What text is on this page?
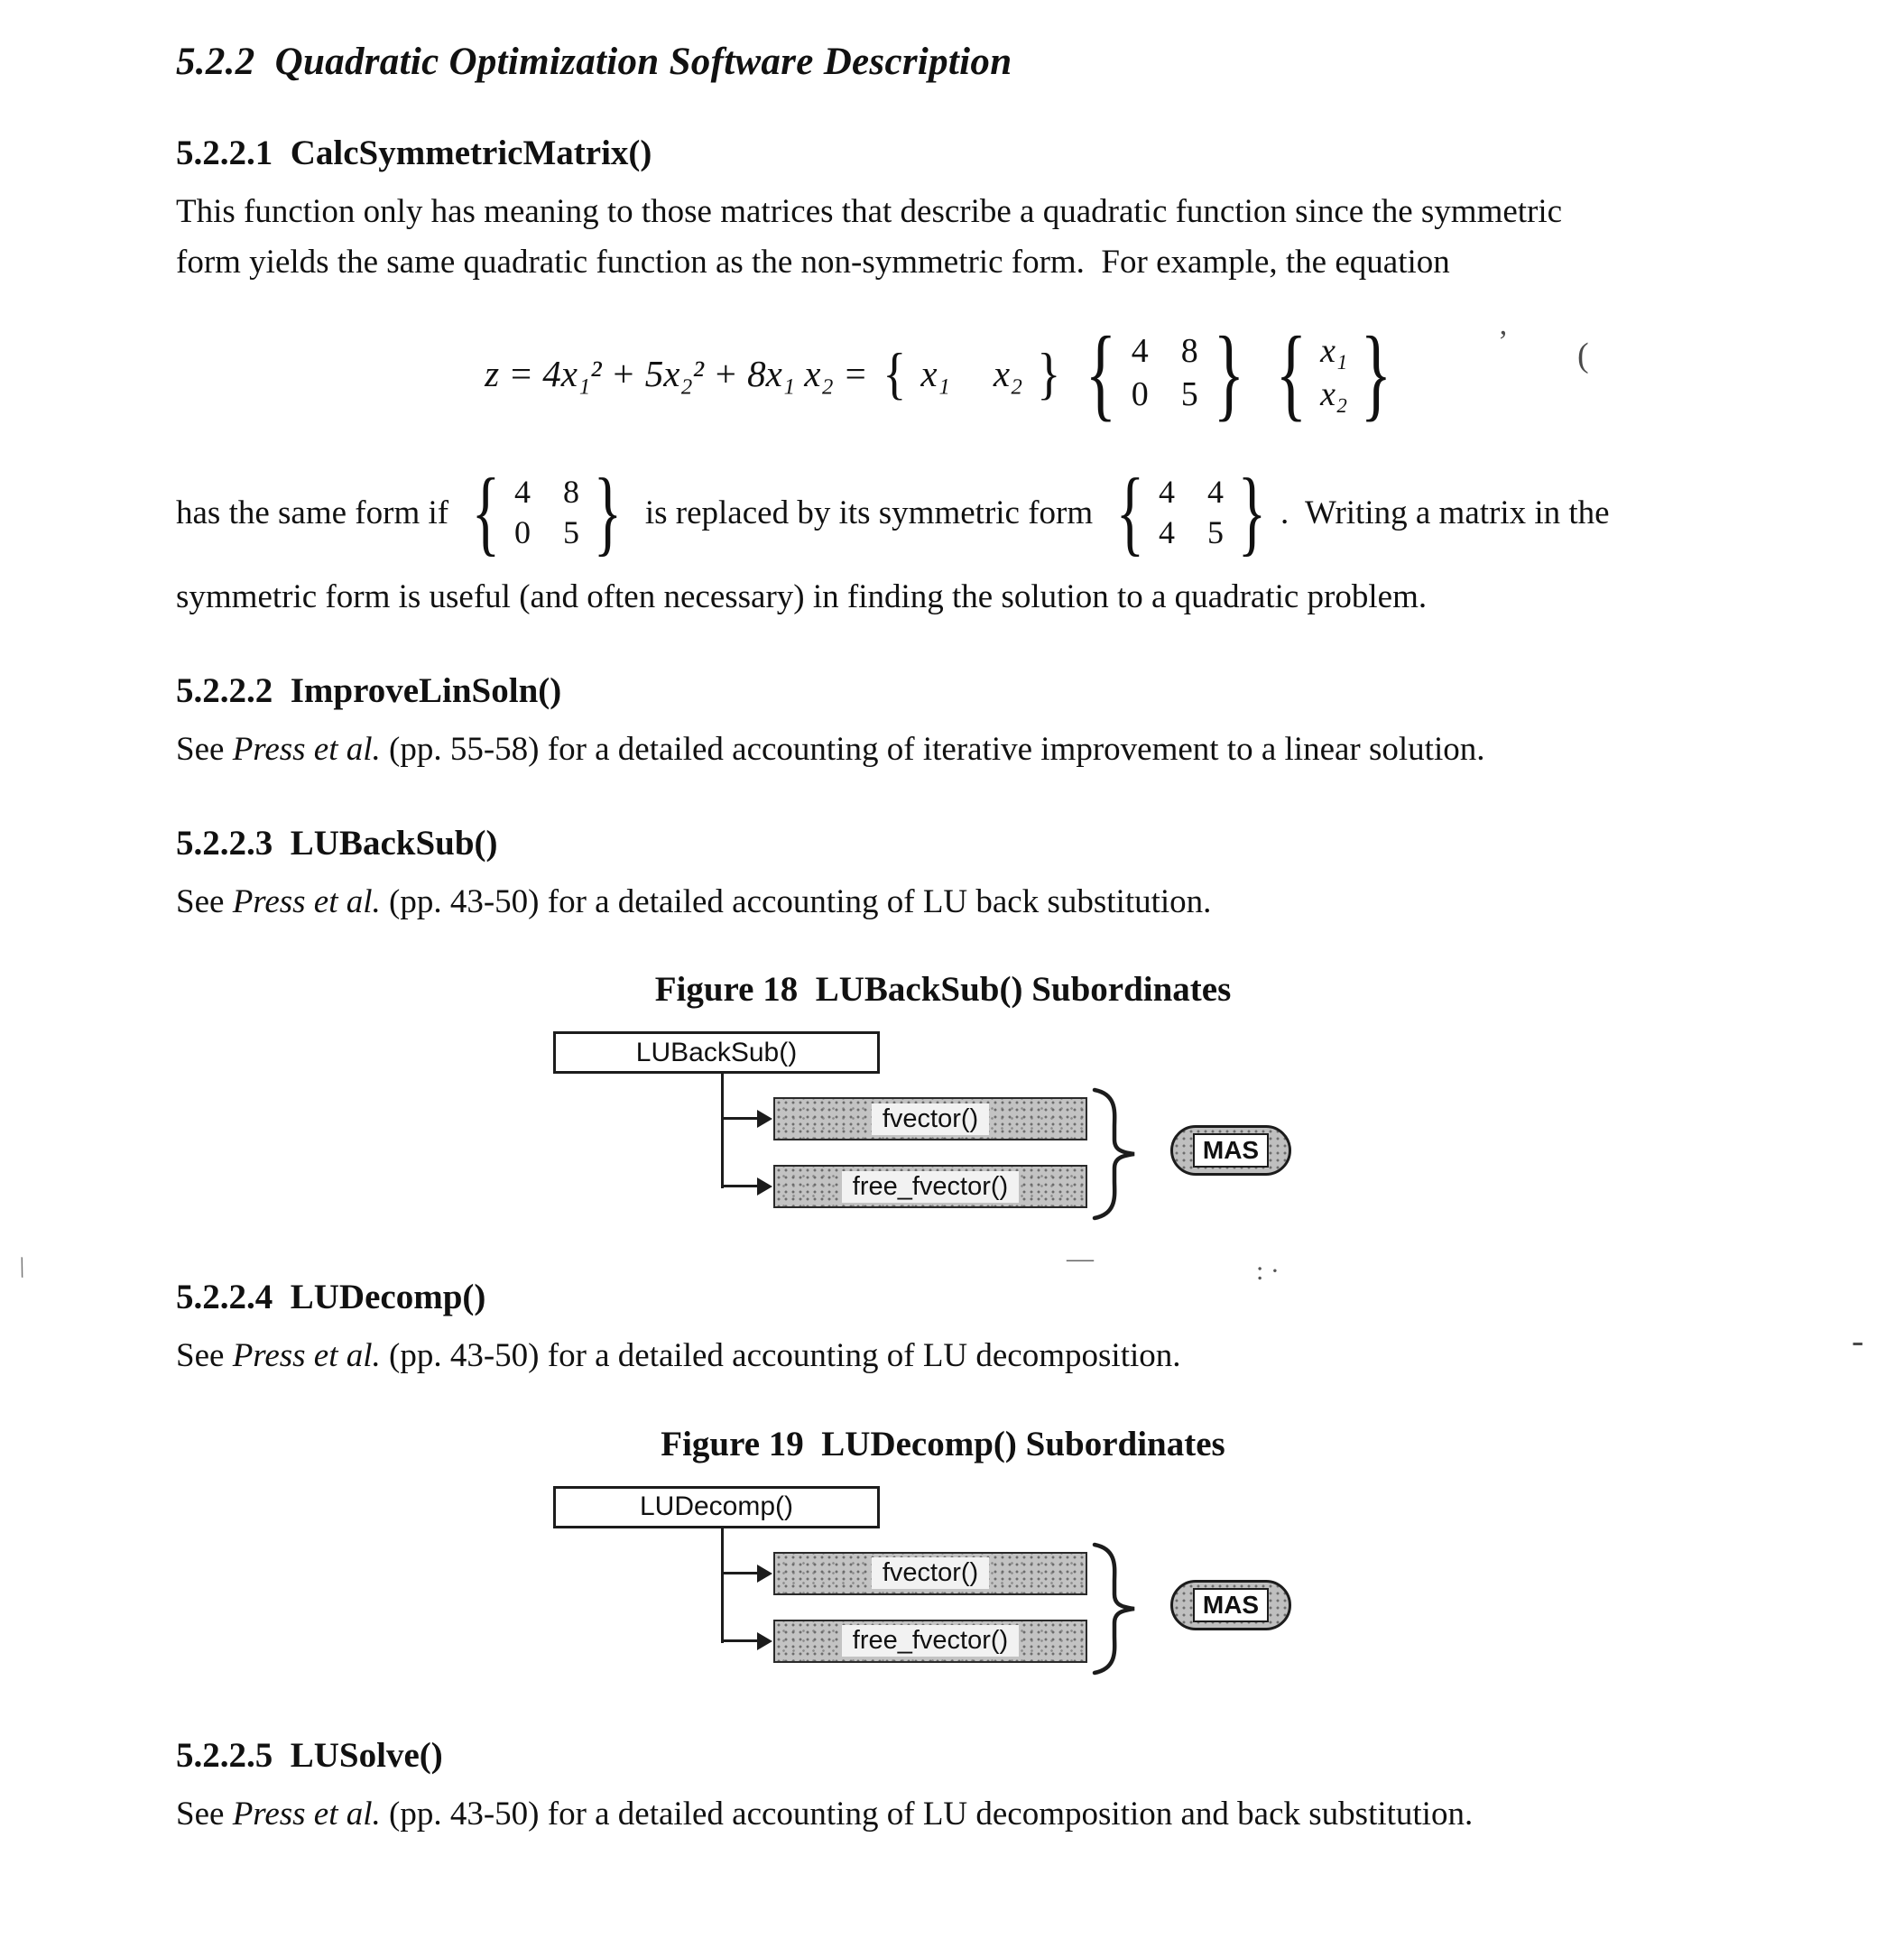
5.2.2  Quadratic Optimization Software Description
5.2.2.1  CalcSymmetricMatrix()
This function only has meaning to those matrices that describe a quadratic function since the symmetric
form yields the same quadratic function as the non-symmetric form.  For example, the equation
z = 4x₁² + 5x₂² + 8x₁ x₂ = { x₁ x₂ } { 4 8
0 5 } { x₁
x₂ }
has the same form if { 4 8
0 5 } is replaced by its symmetric form { 4 4
4 5 } .  Writing a matrix in the
symmetric form is useful (and often necessary) in finding the solution to a quadratic problem.
5.2.2.2  ImproveLinSoln()
See Press et al. (pp. 55-58) for a detailed accounting of iterative improvement to a linear solution.
5.2.2.3  LUBackSub()
See Press et al. (pp. 43-50) for a detailed accounting of LU back substitution.
Figure 18  LUBackSub() Subordinates
LUBackSub()
fvector()
free_fvector()
MAS
5.2.2.4  LUDecomp()
See Press et al. (pp. 43-50) for a detailed accounting of LU decomposition.
Figure 19  LUDecomp() Subordinates
LUDecomp()
fvector()
free_fvector()
MAS
5.2.2.5  LUSolve()
See Press et al. (pp. 43-50) for a detailed accounting of LU decomposition and back substitution.
’ (
-
—	: ·
\
